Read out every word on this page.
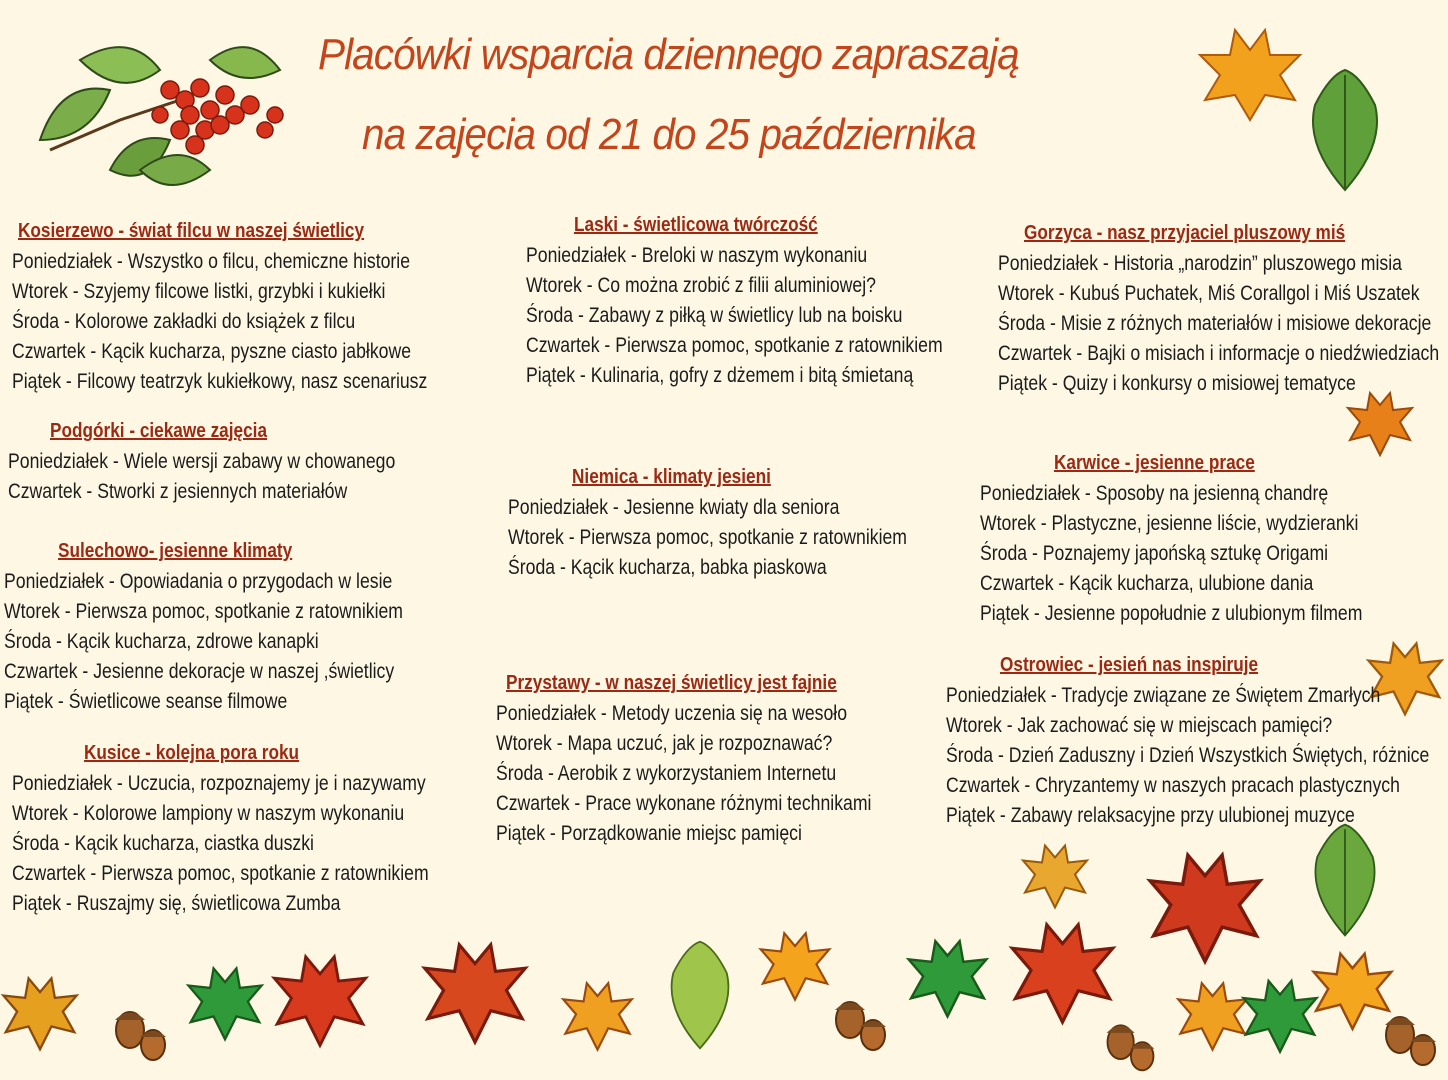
Placówki wsparcia dziennego zapraszają
na zajęcia od 21 do 25 października
Kosierzewo - świat filcu w naszej świetlicy
Poniedziałek - Wszystko o filcu, chemiczne historie
Wtorek - Szyjemy filcowe listki, grzybki i kukiełki
Środa - Kolorowe zakładki do książek z filcu
Czwartek - Kącik kucharza, pyszne ciasto jabłkowe
Piątek - Filcowy teatrzyk kukiełkowy, nasz scenariusz
Podgórki - ciekawe zajęcia
Poniedziałek - Wiele wersji zabawy w chowanego
Czwartek - Stworki z jesiennych materiałów
Sulechowo- jesienne klimaty
Poniedziałek - Opowiadania o przygodach w lesie
Wtorek - Pierwsza pomoc, spotkanie z ratownikiem
Środa - Kącik kucharza, zdrowe kanapki
Czwartek - Jesienne dekoracje w naszej ,świetlicy
Piątek - Świetlicowe seanse filmowe
Kusice - kolejna pora roku
Poniedziałek - Uczucia, rozpoznajemy je i nazywamy
Wtorek - Kolorowe lampiony w naszym wykonaniu
Środa - Kącik kucharza, ciastka duszki
Czwartek - Pierwsza pomoc, spotkanie z ratownikiem
Piątek - Ruszajmy się, świetlicowa Zumba
Laski - świetlicowa twórczość
Poniedziałek - Breloki w naszym wykonaniu
Wtorek - Co można zrobić z filii aluminiowej?
Środa - Zabawy z piłką w świetlicy lub na boisku
Czwartek - Pierwsza pomoc, spotkanie z ratownikiem
Piątek - Kulinaria, gofry z dżemem i bitą śmietaną
Niemica - klimaty jesieni
Poniedziałek - Jesienne kwiaty dla seniora
Wtorek - Pierwsza pomoc, spotkanie z ratownikiem
Środa - Kącik kucharza, babka piaskowa
Przystawy - w naszej świetlicy jest fajnie
Poniedziałek - Metody uczenia się na wesoło
Wtorek - Mapa uczuć, jak je rozpoznawać?
Środa - Aerobik z wykorzystaniem Internetu
Czwartek - Prace wykonane różnymi technikami
Piątek - Porządkowanie miejsc pamięci
Gorzyca - nasz przyjaciel pluszowy miś
Poniedziałek - Historia „narodzin” pluszowego misia
Wtorek - Kubuś Puchatek, Miś Corallgol i Miś Uszatek
Środa - Misie z różnych materiałów i misiowe dekoracje
Czwartek - Bajki o misiach i informacje o niedźwiedziach
Piątek - Quizy i konkursy o misiowej tematyce
Karwice - jesienne prace
Poniedziałek - Sposoby na jesienną chandrę
Wtorek - Plastyczne, jesienne liście, wydzieranki
Środa - Poznajemy japońską sztukę Origami
Czwartek - Kącik kucharza, ulubione dania
Piątek - Jesienne popołudnie z ulubionym filmem
Ostrowiec - jesień nas inspiruje
Poniedziałek - Tradycje związane ze Świętem Zmarłych
Wtorek - Jak zachować się w miejscach pamięci?
Środa - Dzień Zaduszny i Dzień Wszystkich Świętych, różnice
Czwartek - Chryzantemy w naszych pracach plastycznych
Piątek - Zabawy relaksacyjne przy ulubionej muzyce
